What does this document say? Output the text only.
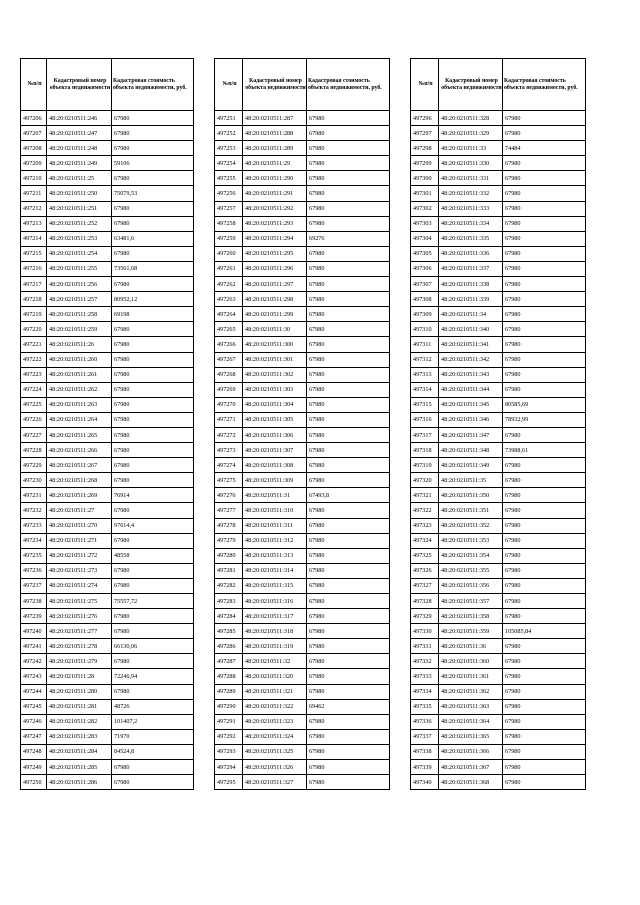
№п/п	Кадастровый номер объекта недвижимости	Кадастровая стоимость объекта недвижимости, руб.
497206	48:20:0210511:246	67980
497207	48:20:0210511:247	67980
497208	48:20:0210511:248	67980
497209	48:20:0210511:249	59106
497210	48:20:0210511:25	67980
497211	48:20:0210511:250	75079,53
497212	48:20:0210511:251	67980
497213	48:20:0210511:252	67980
497214	48:20:0210511:253	63481,6
497215	48:20:0210511:254	67980
497216	48:20:0210511:255	73561,68
497217	48:20:0210511:256	67980
497218	48:20:0210511:257	80952,12
497219	48:20:0210511:258	69198
497220	48:20:0210511:259	67980
497221	48:20:0210511:26	67980
497222	48:20:0210511:260	67980
497223	48:20:0210511:261	67980
497224	48:20:0210511:262	67980
497225	48:20:0210511:263	67980
497226	48:20:0210511:264	67980
497227	48:20:0210511:265	67980
497228	48:20:0210511:266	67980
497229	48:20:0210511:267	67980
497230	48:20:0210511:268	67980
497231	48:20:0210511:269	76914
497232	48:20:0210511:27	67980
497233	48:20:0210511:270	97614,4
497234	48:20:0210511:271	67980
497235	48:20:0210511:272	48558
497236	48:20:0210511:273	67980
497237	48:20:0210511:274	67980
497238	48:20:0210511:275	75557,72
497239	48:20:0210511:276	67980
497240	48:20:0210511:277	67980
497241	48:20:0210511:278	66130,06
497242	48:20:0210511:279	67980
497243	48:20:0210511:28	72246,94
497244	48:20:0210511:280	67980
497245	48:20:0210511:281	48726
497246	48:20:0210511:282	101407,2
497247	48:20:0210511:283	71970
497248	48:20:0210511:284	84524,8
497249	48:20:0210511:285	67980
497250	48:20:0210511:286	67980
№п/п	Кадастровый номер объекта недвижимости	Кадастровая стоимость объекта недвижимости, руб.
497251	48:20:0210511:287	67980
497252	48:20:0210511:288	67980
497253	48:20:0210511:289	67980
497254	48:20:0210511:29	67980
497255	48:20:0210511:290	67980
497256	48:20:0210511:291	67980
497257	48:20:0210511:292	67980
497258	48:20:0210511:293	67980
497259	48:20:0210511:294	69276
497260	48:20:0210511:295	67980
497261	48:20:0210511:296	67980
497262	48:20:0210511:297	67980
497263	48:20:0210511:298	67980
497264	48:20:0210511:299	67980
497265	48:20:0210511:30	67980
497266	48:20:0210511:300	67980
497267	48:20:0210511:301	67980
497268	48:20:0210511:302	67980
497269	48:20:0210511:303	67980
497270	48:20:0210511:304	67980
497271	48:20:0210511:305	67980
497272	48:20:0210511:306	67980
497273	48:20:0210511:307	67980
497274	48:20:0210511:308	67980
497275	48:20:0210511:309	67980
497276	48:20:0210511:31	67493,8
497277	48:20:0210511:310	67980
497278	48:20:0210511:311	67980
497279	48:20:0210511:312	67980
497280	48:20:0210511:313	67980
497281	48:20:0210511:314	67980
497282	48:20:0210511:315	67980
497283	48:20:0210511:316	67980
497284	48:20:0210511:317	67980
497285	48:20:0210511:318	67980
497286	48:20:0210511:319	67980
497287	48:20:0210511:32	67980
497288	48:20:0210511:320	67980
497289	48:20:0210511:321	67980
497290	48:20:0210511:322	69462
497291	48:20:0210511:323	67980
497292	48:20:0210511:324	67980
497293	48:20:0210511:325	67980
497294	48:20:0210511:326	67980
497295	48:20:0210511:327	67980
№п/п	Кадастровый номер объекта недвижимости	Кадастровая стоимость объекта недвижимости, руб.
497296	48:20:0210511:328	67980
497297	48:20:0210511:329	67980
497298	48:20:0210511:33	74484
497299	48:20:0210511:330	67980
497300	48:20:0210511:331	67980
497301	48:20:0210511:332	67980
497302	48:20:0210511:333	67980
497303	48:20:0210511:334	67980
497304	48:20:0210511:335	67980
497305	48:20:0210511:336	67980
497306	48:20:0210511:337	67980
497307	48:20:0210511:338	67980
497308	48:20:0210511:339	67980
497309	48:20:0210511:34	67980
497310	48:20:0210511:340	67980
497311	48:20:0210511:341	67980
497312	48:20:0210511:342	67980
497313	48:20:0210511:343	67980
497314	48:20:0210511:344	67980
497315	48:20:0210511:345	80585,69
497316	48:20:0210511:346	78932,99
497317	48:20:0210511:347	67980
497318	48:20:0210511:348	73988,61
497319	48:20:0210511:349	67980
497320	48:20:0210511:35	67980
497321	48:20:0210511:350	67980
497322	48:20:0210511:351	67980
497323	48:20:0210511:352	67980
497324	48:20:0210511:353	67980
497325	48:20:0210511:354	67980
497326	48:20:0210511:355	67980
497327	48:20:0210511:356	67980
497328	48:20:0210511:357	67980
497329	48:20:0210511:358	67980
497330	48:20:0210511:359	105085,84
497331	48:20:0210511:36	67980
497332	48:20:0210511:360	67980
497333	48:20:0210511:361	67980
497334	48:20:0210511:362	67980
497335	48:20:0210511:363	67980
497336	48:20:0210511:364	67980
497337	48:20:0210511:365	67980
497338	48:20:0210511:366	67980
497339	48:20:0210511:367	67980
497340	48:20:0210511:368	67980
